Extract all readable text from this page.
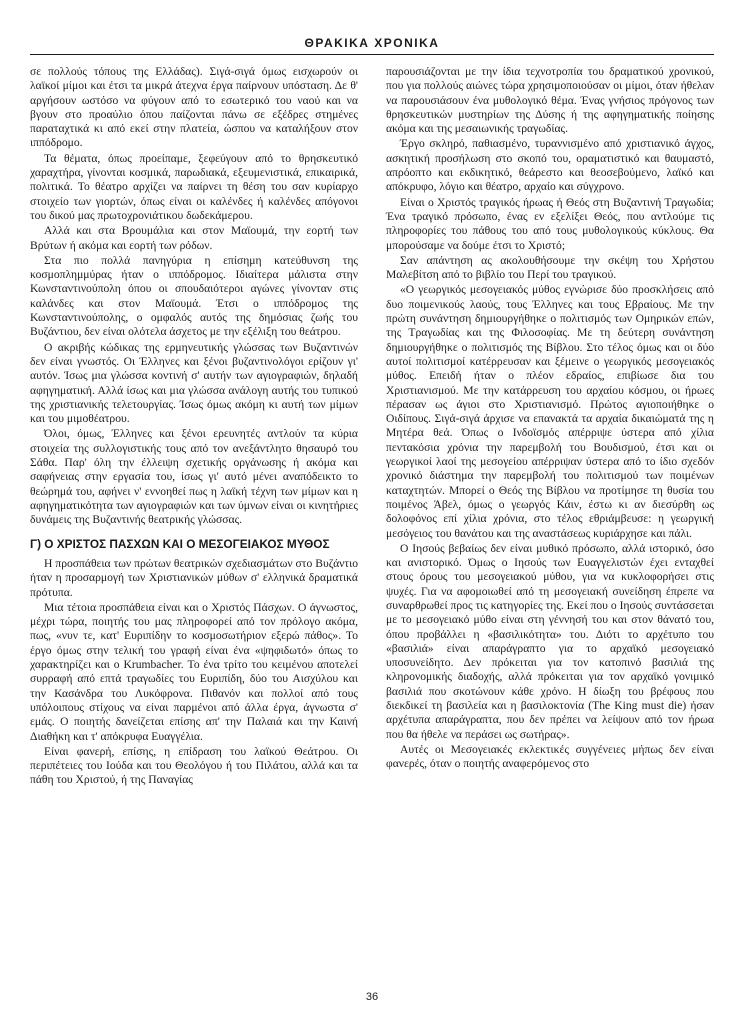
ΘΡΑΚΙΚΑ ΧΡΟΝΙΚΑ

σε πολλούς τόπους της Ελλάδας). Σιγά-σιγά όμως εισχωρούν οι λαϊκοί μίμοι και έτσι τα μικρά άτεχνα έργα παίρνουν υπόσταση. Δε θ' αργήσουν ωστόσο να φύγουν από το εσωτερικό του ναού και να βγουν στο προαύλιο όπου παίζονται πάνω σε εξέδρες στημένες παραταχτικά κι από εκεί στην πλατεία, ώσπου να καταλήξουν στον ιππόδρομο.

Τα θέματα, όπως προείπαμε, ξεφεύγουν από το θρησκευτικό χαραχτήρα, γίνονται κοσμικά, παρωδιακά, εξευμενιστικά, επικαιρικά, πολιτικά. Το θέατρο αρχίζει να παίρνει τη θέση του σαν κυρίαρχο στοιχείο των γιορτών, όπως είναι οι καλένδες ή καλένδες απόγονοι του δικού μας πρωτοχρονιάτικου δωδεκάμερου.

Αλλά και στα Βρουμάλια και στον Μαϊουμά, την εορτή των Βρύτων ή ακόμα και εορτή των ρόδων.

Στα πιο πολλά πανηγύρια η επίσημη κατεύθυνση της κοσμοπλημμύρας ήταν ο ιππόδρομος. Ιδιαίτερα μάλιστα στην Κωνσταντινούπολη όπου οι σπουδαιότεροι αγώνες γίνονταν στις καλάνδες και στον Μαϊουμά. Έτσι ο ιππόδρομος της Κωνσταντινούπολης, ο ομφαλός αυτός της δημόσιας ζωής του Βυζάντιου, δεν είναι ολότελα άσχετος με την εξέλιξη του θεάτρου.

Ο ακριβής κώδικας της ερμηνευτικής γλώσσας των Βυζαντινών δεν είναι γνωστός. Οι Έλληνες και ξένοι βυζαντινολόγοι ερίζουν γι' αυτόν. Ίσως μια γλώσσα κοντινή σ' αυτήν των αγιογραφιών, δηλαδή αφηγηματική. Αλλά ίσως και μια γλώσσα ανάλογη αυτής του τυπικού της χριστιανικής τελετουργίας. Ίσως όμως ακόμη κι αυτή των μίμων και του μιμοθέατρου.

Όλοι, όμως, Έλληνες και ξένοι ερευνητές αντλούν τα κύρια στοιχεία της συλλογιστικής τους από τον ανεξάντλητο θησαυρό του Σάθα. Παρ' όλη την έλλειψη σχετικής οργάνωσης ή ακόμα και σαφήνειας στην εργασία του, ίσως γι' αυτό μένει αναπόδεικτο το θεώρημά του, αφήνει ν' εννοηθεί πως η λαϊκή τέχνη των μίμων και η αφηγηματικότητα των αγιογραφιών και των ύμνων είναι οι κινητήριες δυνάμεις της Βυζαντινής θεατρικής γλώσσας.

Γ) Ο ΧΡΙΣΤΟΣ ΠΑΣΧΩΝ ΚΑΙ Ο ΜΕΣΟΓΕΙΑΚΟΣ ΜΥΘΟΣ

Η προσπάθεια των πρώτων θεατρικών σχεδιασμάτων στο Βυζάντιο ήταν η προσαρμογή των Χριστιανικών μύθων σ' ελληνικά δραματικά πρότυπα.

Μια τέτοια προσπάθεια είναι και ο Χριστός Πάσχων. Ο άγνωστος, μέχρι τώρα, ποιητής του μας πληροφορεί από τον πρόλογο ακόμα, πως, «νυν τε, κατ' Ευριπίδην το κοσμοσωτήριον εξερώ πάθος». Το έργο όμως στην τελική του γραφή είναι ένα «ψηφιδωτό» όπως το χαρακτηρίζει και ο Krumbacher. Το ένα τρίτο του κειμένου αποτελεί συρραφή από επτά τραγωδίες του Ευριπίδη, δύο του Αισχύλου και την Κασάνδρα του Λυκόφρονα. Πιθανόν και πολλοί από τους υπόλοιπους στίχους να είναι παρμένοι από άλλα έργα, άγνωστα σ' εμάς. Ο ποιητής δανείζεται επίσης απ' την Παλαιά και την Καινή Διαθήκη και τ' απόκρυφα Ευαγγέλια.

Είναι φανερή, επίσης, η επίδραση του λαϊκού Θεάτρου. Οι περιπέτειες του Ιούδα και του Θεολόγου ή του Πιλάτου, αλλά και τα πάθη του Χριστού, ή της Παναγίας

παρουσιάζονται με την ίδια τεχνοτροπία του δραματικού χρονικού, που για πολλούς αιώνες τώρα χρησιμοποιούσαν οι μίμοι, όταν ήθελαν να παρουσιάσουν ένα μυθολογικό θέμα. Ένας γνήσιος πρόγονος των θρησκευτικών μυστηρίων της Δύσης ή της αφηγηματικής ποίησης ακόμα και της μεσαιωνικής τραγωδίας.

Έργο σκληρό, παθιασμένο, τυραννισμένο από χριστιανικό άγχος, ασκητική προσήλωση στο σκοπό του, οραματιστικό και θαυμαστό, απρόοπτο και εκδικητικό, θεάρεστο και θεοσεβούμενο, λαϊκό και απόκρυφο, λόγιο και θέατρο, αρχαίο και σύγχρονο.

Είναι ο Χριστός τραγικός ήρωας ή Θεός στη Βυζαντινή Τραγωδία; Ένα τραγικό πρόσωπο, ένας εν εξελίξει Θεός, που αντλούμε τις πληροφορίες του πάθους του από τους μυθολογικούς κύκλους. Θα μπορούσαμε να δούμε έτσι το Χριστό;

Σαν απάντηση ας ακολουθήσουμε την σκέψη του Χρήστου Μαλεβίτση από το βιβλίο του Περί του τραγικού.

«Ο γεωργικός μεσογειακός μύθος εγνώρισε δύο προσκλήσεις από δυο ποιμενικούς λαούς, τους Έλληνες και τους Εβραίους. Με την πρώτη συνάντηση δημιουργήθηκε ο πολιτισμός των Ομηρικών επών, της Τραγωδίας και της Φιλοσοφίας. Με τη δεύτερη συνάντηση δημιουργήθηκε ο πολιτισμός της Βίβλου. Στο τέλος όμως και οι δύο αυτοί πολιτισμοί κατέρρευσαν και ξέμεινε ο γεωργικός μεσογειακός μύθος. Επειδή ήταν ο πλέον εδραίος, επιβίωσε δια του Χριστιανισμού. Με την κατάρρευση του αρχαίου κόσμου, οι ήρωες πέρασαν ως άγιοι στο Χριστιανισμό. Πρώτος αγιοποιήθηκε ο Οιδίπους. Σιγά-σιγά άρχισε να επανακτά τα αρχαία δικαιώματά της η Μητέρα θεά. Όπως ο Ινδοϊσμός απέρριψε ύστερα από χίλια πεντακόσια χρόνια την παρεμβολή του Βουδισμού, έτσι και οι γεωργικοί λαοί της μεσογείου απέρριψαν ύστερα από το ίδιο σχεδόν χρονικό διάστημα την παρεμβολή του πολιτισμού των ποιμένων καταχτητών. Μπορεί ο Θεός της Βίβλου να προτίμησε τη θυσία του ποιμένος Άβελ, όμως ο γεωργός Κάιν, έστω κι αν διεσύρθη ως δολοφόνος επί χίλια χρόνια, στο τέλος εθριάμβευσε: η γεωργική μεσόγειος του θανάτου και της αναστάσεως κυριάρχησε και πάλι.

Ο Ιησούς βεβαίως δεν είναι μυθικό πρόσωπο, αλλά ιστορικό, όσο και ανιστορικό. Όμως ο Ιησούς των Ευαγγελιστών έχει ενταχθεί στους όρους του μεσογειακού μύθου, για να κυκλοφορήσει στις ψυχές. Για να αφομοιωθεί από τη μεσογειακή συνείδηση έπρεπε να συναρθρωθεί προς τις κατηγορίες της. Εκεί που ο Ιησούς συντάσσεται με το μεσογειακό μύθο είναι στη γέννησή του και στον θάνατό του, όπου προβάλλει η «βασιλικότητα» του. Διότι το αρχέτυπο του «βασιλιά» είναι απαράγραπτο για το αρχαϊκό μεσογειακό υποσυνείδητο. Δεν πρόκειται για τον κατοπινό βασιλιά της κληρονομικής διαδοχής, αλλά πρόκειται για τον αρχαϊκό γονιμικό βασιλιά που σκοτώνουν κάθε χρόνο. Η δίωξη του βρέφους που διεκδικεί τη βασιλεία και η βασιλοκτονία (The King must die) ήσαν αρχέτυπα απαράγραπτα, που δεν πρέπει να λείψουν από τον ήρωα που θα ήθελε να περάσει ως σωτήρας».

Αυτές οι Μεσογειακές εκλεκτικές συγγένειες μήπως δεν είναι φανερές, όταν ο ποιητής αναφερόμενος στο

36
